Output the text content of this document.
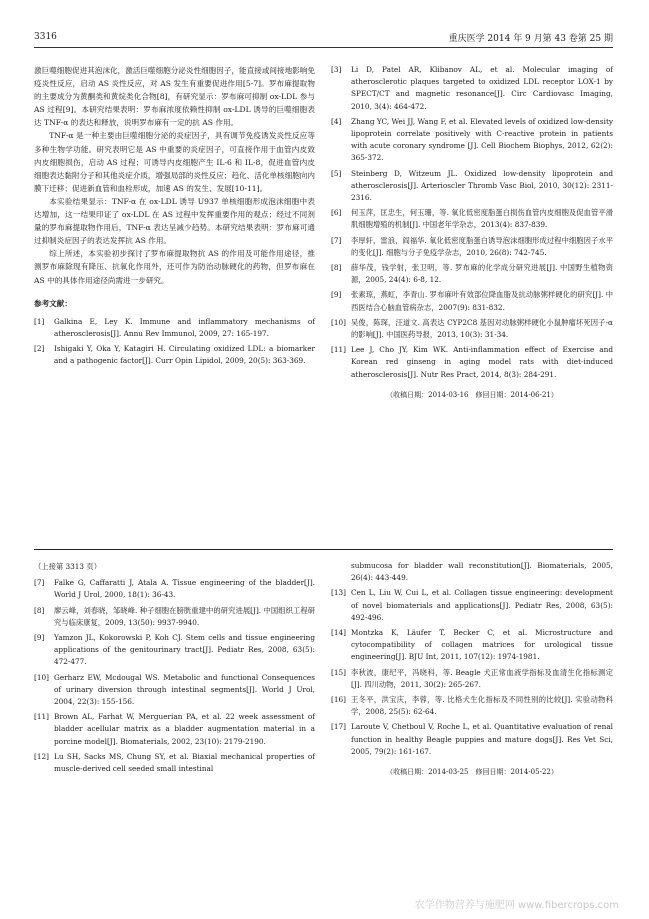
3316	重庆医学 2014 年 9 月第 43 卷第 25 期

激巨噬细胞促进其泡沫化，激活巨噬细胞分泌炎性细胞因子，能直接或间接地影响免疫炎性反应，启动 AS 炎性反应，对 AS 发生有重要促进作用[5-7]。罗布麻提取物的主要成分为黄酮类和黄烷类化合物[8]，有研究显示：罗布麻可抑制 ox-LDL 参与 AS 过程[9]。本研究结果表明：罗布麻浓度依赖性抑制 ox-LDL 诱导的巨噬细胞表达 TNF-α 的表达和释放，说明罗布麻有一定的抗 AS 作用。

TNF-α 是一种主要由巨噬细胞分泌的炎症因子，具有调节免疫诱发炎性反应等多种生物学功能。研究表明它是 AS 中重要的炎症因子，可直接作用于血管内皮致内皮细胞损伤，启动 AS 过程；可诱导内皮细胞产生 IL-6 和 IL-8，促进血管内皮细胞表达黏附分子和其他炎症介质，增强局部的炎性反应；趋化、活化单核细胞向内膜下迁移；促进新血管和血栓形成，加速 AS 的发生、发展[10-11]。

本实验结果显示：TNF-α 在 ox-LDL 诱导 U937 单核细胞形成泡沫细胞中表达增加，这一结果印证了 ox-LDL 在 AS 过程中发挥重要作用的观点；经过不同剂量的罗布麻提取物作用后，TNF-α 表达呈减少趋势。本研究结果表明：罗布麻可通过抑制炎症因子的表达发挥抗 AS 作用。

综上所述，本实验初步探讨了罗布麻提取物抗 AS 的作用及可能作用途径，推测罗布麻除现有降压、抗氧化作用外，还可作为防治动脉硬化的药物，但罗布麻在 AS 中的具体作用途径尚需进一步研究。

参考文献：
[1]	Galkina E, Ley K. Immune and inflammatory mechanisms of atherosclerosis[J]. Annu Rev Immunol, 2009, 27: 165-197.
[2]	Ishigaki Y, Oka Y, Katagiri H. Circulating oxidized LDL: a biomarker and a pathogenic factor[J]. Curr Opin Lipidol, 2009, 20(5): 363-369.
[3]	Li D, Patel AR, Klibanov AL, et al. Molecular imaging of atherosclerotic plaques targeted to oxidized LDL receptor LOX-1 by SPECT/CT and magnetic resonance[J]. Circ Cardiovasc Imaging, 2010, 3(4): 464-472.
[4]	Zhang YC, Wei JJ, Wang F, et al. Elevated levels of oxidized low-density lipoprotein correlate positively with C-reactive protein in patients with acute coronary syndrome [J]. Cell Biochem Biophys, 2012, 62(2): 365-372.
[5]	Steinberg D, Witzeum JL. Oxidized low-density lipoprotein and atherosclerosis[J]. Arterioscler Thromb Vasc Biol, 2010, 30(12): 2311-2316.
[6]	何玉萍，匡忠生，何玉珊，等. 氧化低密度脂蛋白损伤血管内皮细胞及促血管平滑肌细胞增殖的机制[J]. 中国老年学杂志，2013(4): 837-839.
[7]	李厚轩，雷浪，阎福华. 氧化低密度脂蛋白诱导泡沫细胞形成过程中细胞因子水平的变化[J]. 细胞与分子免疫学杂志，2010, 26(8): 742-745.
[8]	薛华茂，钱学射，张卫明，等. 罗布麻的化学成分研究进展[J]. 中国野生植物资源，2005, 24(4): 6-8, 12.
[9]	张素琼，燕虹，李青山. 罗布麻叶有效部位降血脂及抗动脉粥样硬化的研究[J]. 中西医结合心脑血管病杂志，2007(9): 831-832.
[10] 吴俊，陈琛，汪道文. 高表达 CYP2C8 基因对动脉粥样硬化小鼠肿瘤坏死因子-α 的影响[J]. 中国医药导报，2013, 10(3): 31-34.
[11] Lee J, Cho JY, Kim WK. Anti-inflammation effect of Exercise and Korean red ginseng in aging model rats with diet-induced atherosclerosis[J]. Nutr Res Pract, 2014, 8(3): 284-291.
（收稿日期：2014-03-16　修回日期：2014-06-21）
（上接第 3313 页）
[7]	Falke G, Caffaratti J, Atala A. Tissue engineering of the bladder[J]. World J Urol, 2000, 18(1): 36-43.
[8]	廖云峰，刘春晓，邹晓峰. 种子细胞在膀胱重建中的研究进展[J]. 中国组织工程研究与临床康复，2009, 13(50): 9937-9940.
[9]	Yamzon JL, Kokorowski P, Koh CJ. Stem cells and tissue engineering applications of the genitourinary tract[J]. Pediatr Res, 2008, 63(5): 472-477.
[10] Gerharz EW, Mcdougal WS. Metabolic and functional Consequences of urinary diversion through intestinal segments[J]. World J Urol, 2004, 22(3): 155-156.
[11] Brown AL, Farhat W, Merguerian PA, et al. 22 week assessment of bladder acellular matrix as a bladder augmentation material in a porcine model[J]. Biomaterials, 2002, 23(10): 2179-2190.
[12] Lu SH, Sacks MS, Chung SY, et al. Biaxial mechanical properties of muscle-derived cell seeded small intestinal
submucosa for bladder wall reconstitution[J]. Biomaterials, 2005, 26(4): 443-449.
[13] Cen L, Liu W, Cui L, et al. Collagen tissue engineering: development of novel biomaterials and applications[J]. Pediatr Res, 2008, 63(5): 492-496.
[14] Montzka K, Läufer T, Becker C, et al. Microstructure and cytocompatibility of collagen matrices for urological tissue engineering[J]. BJU Int, 2011, 107(12): 1974-1981.
[15] 李秋波，康纪平，冯晓科，等. Beagle 犬正常血液学指标及血清生化指标测定[J]. 四川动物，2011, 30(2): 265-267.
[16] 王冬平，洪宝庆，李蓉，等. 比格犬生化指标及不同性别的比较[J]. 实验动物科学，2008, 25(5): 62-64.
[17] Laroute V, Chetboul V, Roche L, et al. Quantitative evaluation of renal function in healthy Beagle puppies and mature dogs[J]. Res Vet Sci, 2005, 79(2): 161-167.
（收稿日期：2014-03-25　修回日期：2014-05-22）
农学作物营养与施肥网 www.fibercrops.com
